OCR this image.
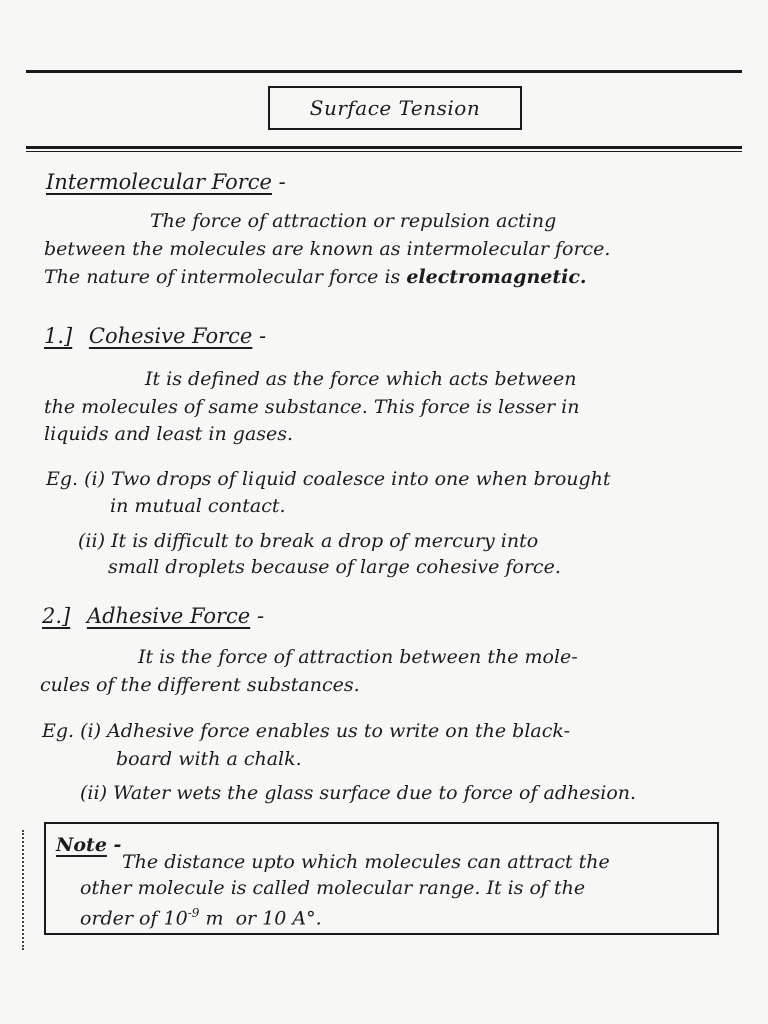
Surface Tension
Intermolecular Force -
The force of attraction or repulsion acting
between the molecules are known as intermolecular force.
The nature of intermolecular force is electromagnetic.
1.] Cohesive Force -
It is defined as the force which acts between
the molecules of same substance. This force is lesser in
liquids and least in gases.
Eg. (i) Two drops of liquid coalesce into one when brought
in mutual contact.
(ii) It is difficult to break a drop of mercury into
small droplets because of large cohesive force.
2.] Adhesive Force -
It is the force of attraction between the mole-
cules of the different substances.
Eg. (i) Adhesive force enables us to write on the black-
board with a chalk.
(ii) Water wets the glass surface due to force of adhesion.
Note -
The distance upto which molecules can attract the
other molecule is called molecular range. It is of the
order of $10^{-9}$ m  or 10 A°.
